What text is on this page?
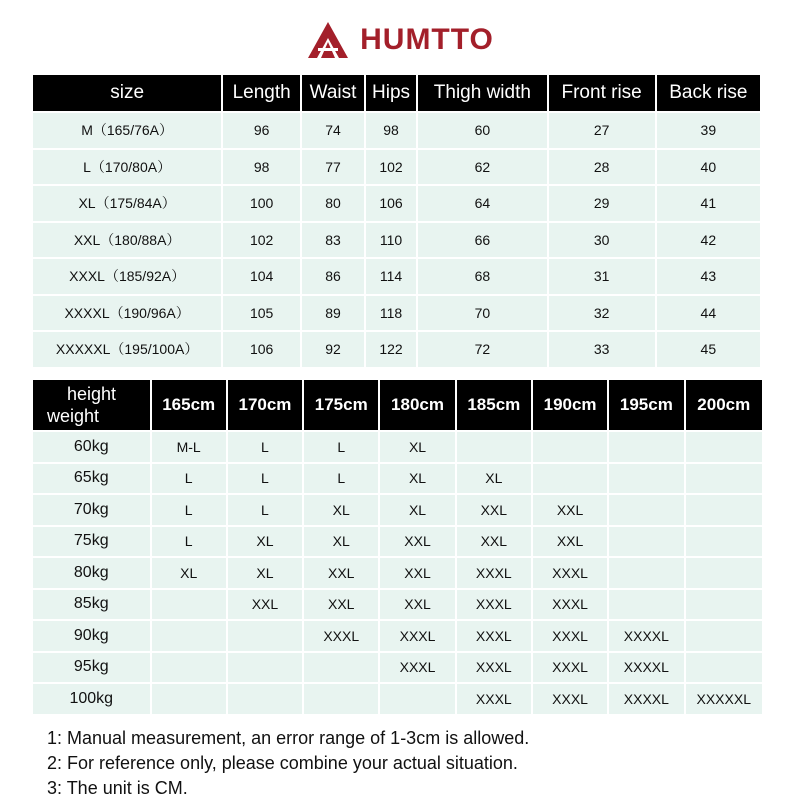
HUMTTO
size	Length	Waist	Hips	Thigh width	Front rise	Back rise
M（165/76A）	96	74	98	60	27	39
L（170/80A）	98	77	102	62	28	40
XL（175/84A）	100	80	106	64	29	41
XXL（180/88A）	102	83	110	66	30	42
XXXL（185/92A）	104	86	114	68	31	43
XXXXL（190/96A）	105	89	118	70	32	44
XXXXXL（195/100A）	106	92	122	72	33	45
height
weight	165cm	170cm	175cm	180cm	185cm	190cm	195cm	200cm
60kg	M-L	L	L	XL				
65kg	L	L	L	XL	XL			
70kg	L	L	XL	XL	XXL	XXL		
75kg	L	XL	XL	XXL	XXL	XXL		
80kg	XL	XL	XXL	XXL	XXXL	XXXL		
85kg		XXL	XXL	XXL	XXXL	XXXL		
90kg			XXXL	XXXL	XXXL	XXXL	XXXXL	
95kg				XXXL	XXXL	XXXL	XXXXL	
100kg					XXXL	XXXL	XXXXL	XXXXXL
1: Manual measurement, an error range of 1-3cm is allowed.
2: For reference only, please combine your actual situation.
3: The unit is CM.
